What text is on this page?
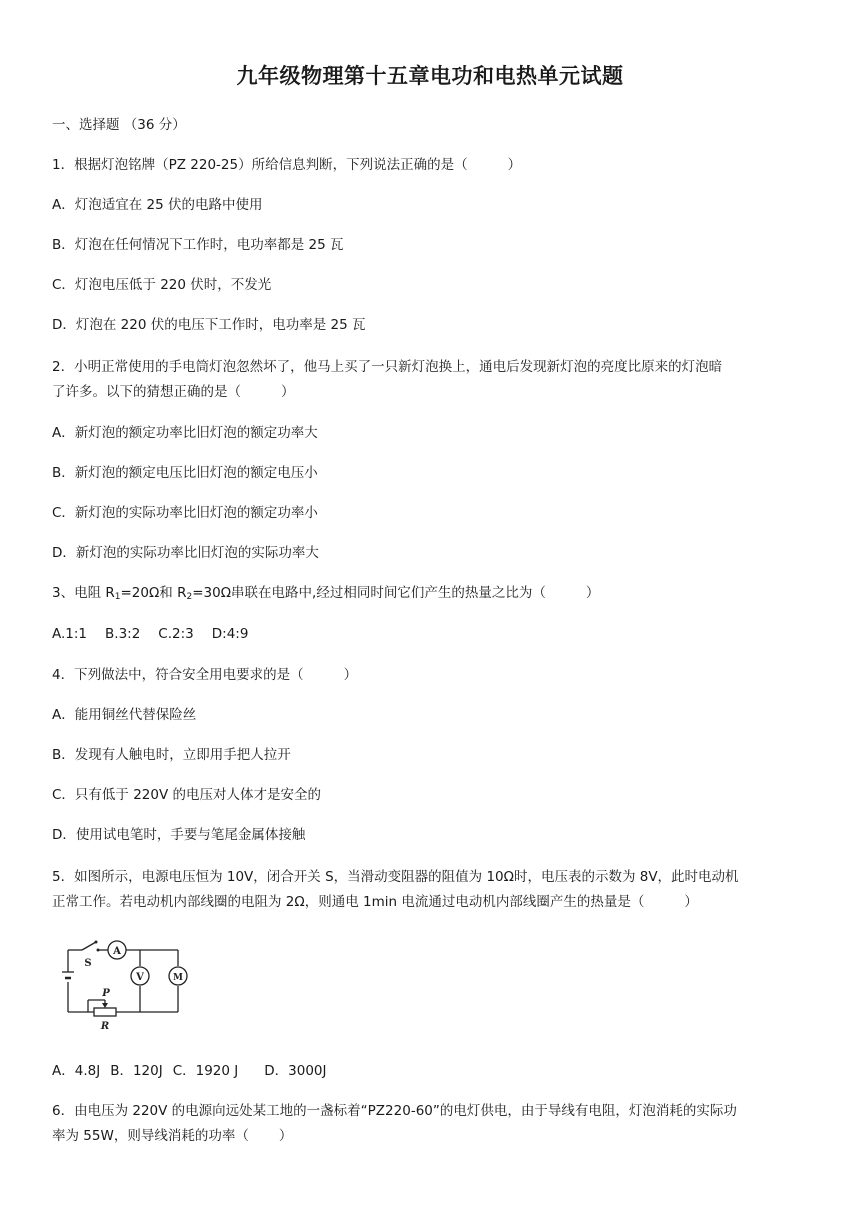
九年级物理第十五章电功和电热单元试题
一、选择题 （36 分）
1．根据灯泡铭牌（PZ 220-25）所给信息判断，下列说法正确的是（	）
A．灯泡适宜在 25 伏的电路中使用
B．灯泡在任何情况下工作时，电功率都是 25 瓦
C．灯泡电压低于 220 伏时，不发光
D．灯泡在 220 伏的电压下工作时，电功率是 25 瓦
2．小明正常使用的手电筒灯泡忽然坏了，他马上买了一只新灯泡换上，通电后发现新灯泡的亮度比原来的灯泡暗
了许多。以下的猜想正确的是（	）
A．新灯泡的额定功率比旧灯泡的额定功率大
B．新灯泡的额定电压比旧灯泡的额定电压小
C．新灯泡的实际功率比旧灯泡的额定功率小
D．新灯泡的实际功率比旧灯泡的实际功率大
3、电阻 $R_1=20\Omega$和 $R_2=30\Omega$串联在电路中,经过相同时间它们产生的热量之比为（	）
A.1:1 B.3:2 C.2:3 D:4:9
4．下列做法中，符合安全用电要求的是（	）
A．能用铜丝代替保险丝
B．发现有人触电时，立即用手把人拉开
C．只有低于 220V 的电压对人体才是安全的
D．使用试电笔时，手要与笔尾金属体接触
5．如图所示，电源电压恒为 10V，闭合开关 S，当滑动变阻器的阻值为 10Ω时，电压表的示数为 8V，此时电动机
正常工作。若电动机内部线圈的电阻为 2Ω，则通电 1min 电流通过电动机内部线圈产生的热量是（	）
A
V	M
S
P
R
A．4.8J B．120J C．1920 J D．3000J
6．由电压为 220V 的电源向远处某工地的一盏标着“PZ220-60”的电灯供电，由于导线有电阻，灯泡消耗的实际功
率为 55W，则导线消耗的功率（ ）
